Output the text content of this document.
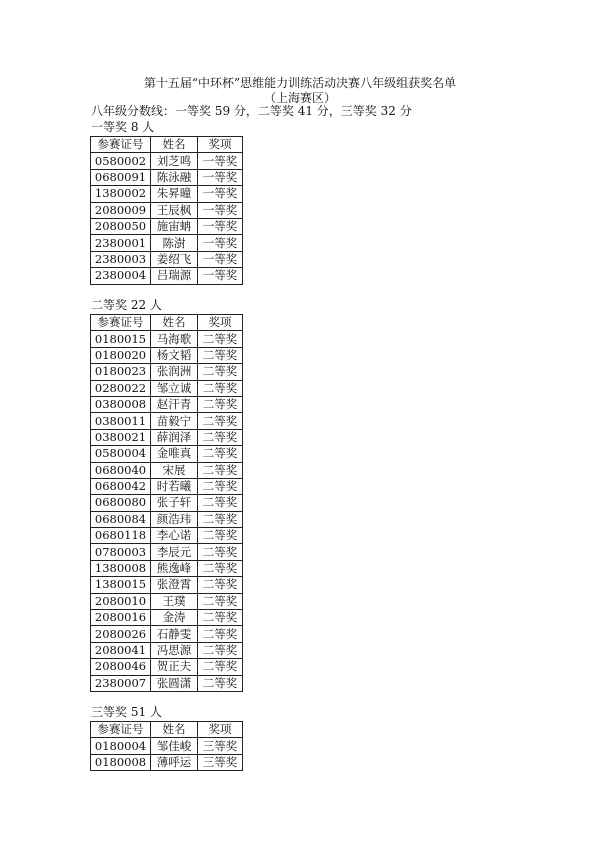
第十五届“中环杯”思维能力训练活动决赛八年级组获奖名单
（上海赛区）
八年级分数线：一等奖 59 分，二等奖 41 分，三等奖 32 分
一等奖 8 人
参赛证号	姓名	奖项
0580002	刘芝鸣	一等奖
0680091	陈泳融	一等奖
1380002	朱昇曈	一等奖
2080009	王辰枫	一等奖
2080050	施宙蚺	一等奖
2380001	陈澍	一等奖
2380003	姜绍飞	一等奖
2380004	吕瑞源	一等奖
二等奖 22 人
参赛证号	姓名	奖项
0180015	马海歌	二等奖
0180020	杨文韬	二等奖
0180023	张润洲	二等奖
0280022	邹立诚	二等奖
0380008	赵汗青	二等奖
0380011	苗毅宁	二等奖
0380021	薛润泽	二等奖
0580004	金唯真	二等奖
0680040	宋展	二等奖
0680042	时若曦	二等奖
0680080	张子轩	二等奖
0680084	颜浩玮	二等奖
0680118	李心诺	二等奖
0780003	李辰元	二等奖
1380008	熊逸峰	二等奖
1380015	张澄霄	二等奖
2080010	王璞	二等奖
2080016	金涛	二等奖
2080026	石静雯	二等奖
2080041	冯思源	二等奖
2080046	贺正夫	二等奖
2380007	张圆潇	二等奖
三等奖 51 人
参赛证号	姓名	奖项
0180004	邹佳峻	三等奖
0180008	薄呼运	三等奖
